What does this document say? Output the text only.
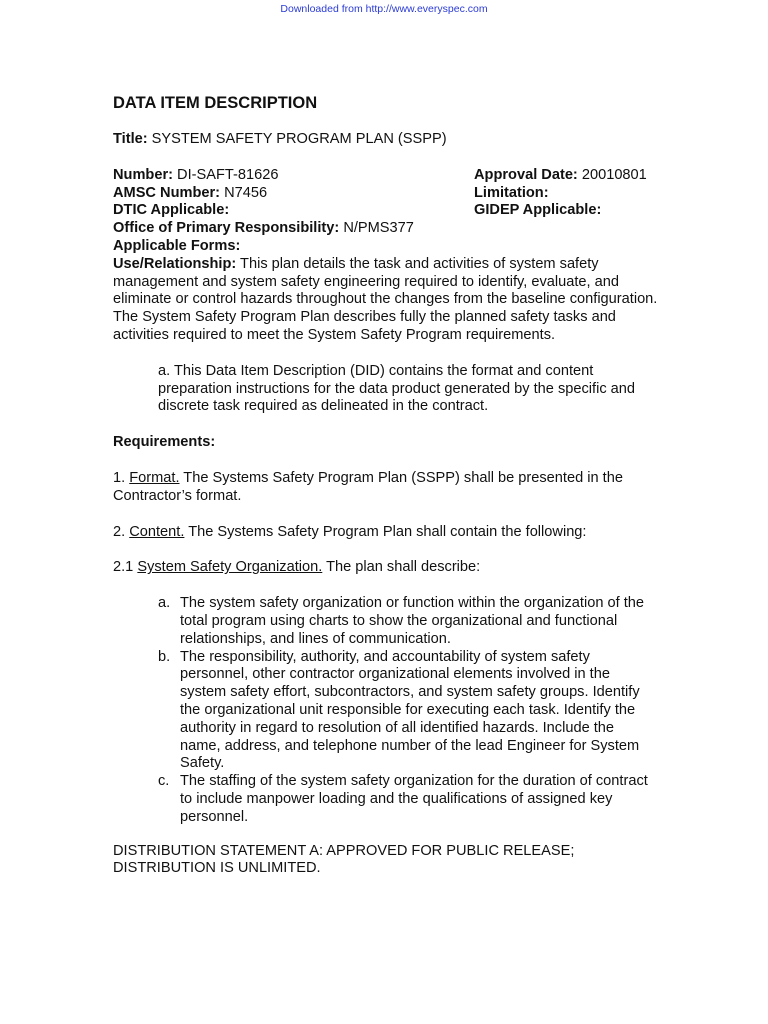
Downloaded from http://www.everyspec.com
DATA ITEM DESCRIPTION
Title: SYSTEM SAFETY PROGRAM PLAN (SSPP)
Number: DI-SAFT-81626	Approval Date: 20010801
AMSC Number: N7456	Limitation:
DTIC Applicable:	GIDEP Applicable:
Office of Primary Responsibility: N/PMS377
Applicable Forms:
Use/Relationship: This plan details the task and activities of system safety management and system safety engineering required to identify, evaluate, and eliminate or control hazards throughout the changes from the baseline configuration. The System Safety Program Plan describes fully the planned safety tasks and activities required to meet the System Safety Program requirements.
a. This Data Item Description (DID) contains the format and content preparation instructions for the data product generated by the specific and discrete task required as delineated in the contract.
Requirements:
1. Format. The Systems Safety Program Plan (SSPP) shall be presented in the Contractor’s format.
2. Content. The Systems Safety Program Plan shall contain the following:
2.1 System Safety Organization. The plan shall describe:
a. The system safety organization or function within the organization of the total program using charts to show the organizational and functional relationships, and lines of communication.
b. The responsibility, authority, and accountability of system safety personnel, other contractor organizational elements involved in the system safety effort, subcontractors, and system safety groups. Identify the organizational unit responsible for executing each task. Identify the authority in regard to resolution of all identified hazards. Include the name, address, and telephone number of the lead Engineer for System Safety.
c. The staffing of the system safety organization for the duration of contract to include manpower loading and the qualifications of assigned key personnel.
DISTRIBUTION STATEMENT A: APPROVED FOR PUBLIC RELEASE; DISTRIBUTION IS UNLIMITED.
